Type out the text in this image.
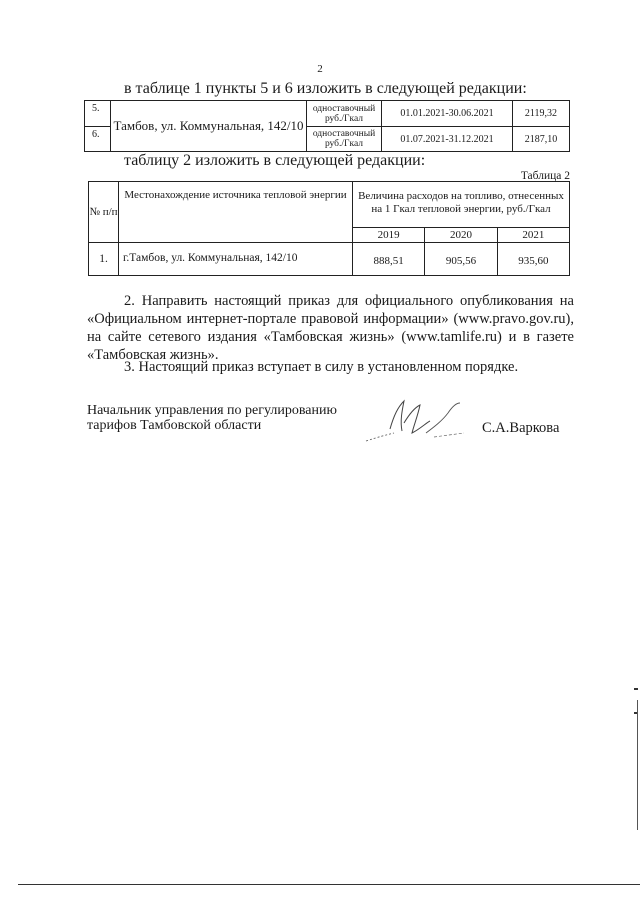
2
в таблице 1 пункты 5 и 6 изложить в следующей редакции:
5.	Тамбов, ул. Коммунальная, 142/10	одноставочный руб./Гкал	01.01.2021-30.06.2021	2119,32
6.		одноставочный руб./Гкал	01.07.2021-31.12.2021	2187,10
таблицу 2 изложить в следующей редакции:
Таблица 2
№ п/п	Местонахождение источника тепловой энергии	Величина расходов на топливо, отнесенных на 1 Гкал тепловой энергии, руб./Гкал		
		2019	2020	2021
1.	г.Тамбов, ул. Коммунальная, 142/10	888,51	905,56	935,60
2. Направить настоящий приказ для официального опубликования на «Официальном интернет-портале правовой информации» (www.pravo.gov.ru), на сайте сетевого издания «Тамбовская жизнь» (www.tamlife.ru) и в газете «Тамбовская жизнь».
3. Настоящий приказ вступает в силу в установленном порядке.
Начальник управления по регулированию
тарифов Тамбовской области	С.А.Варкова
